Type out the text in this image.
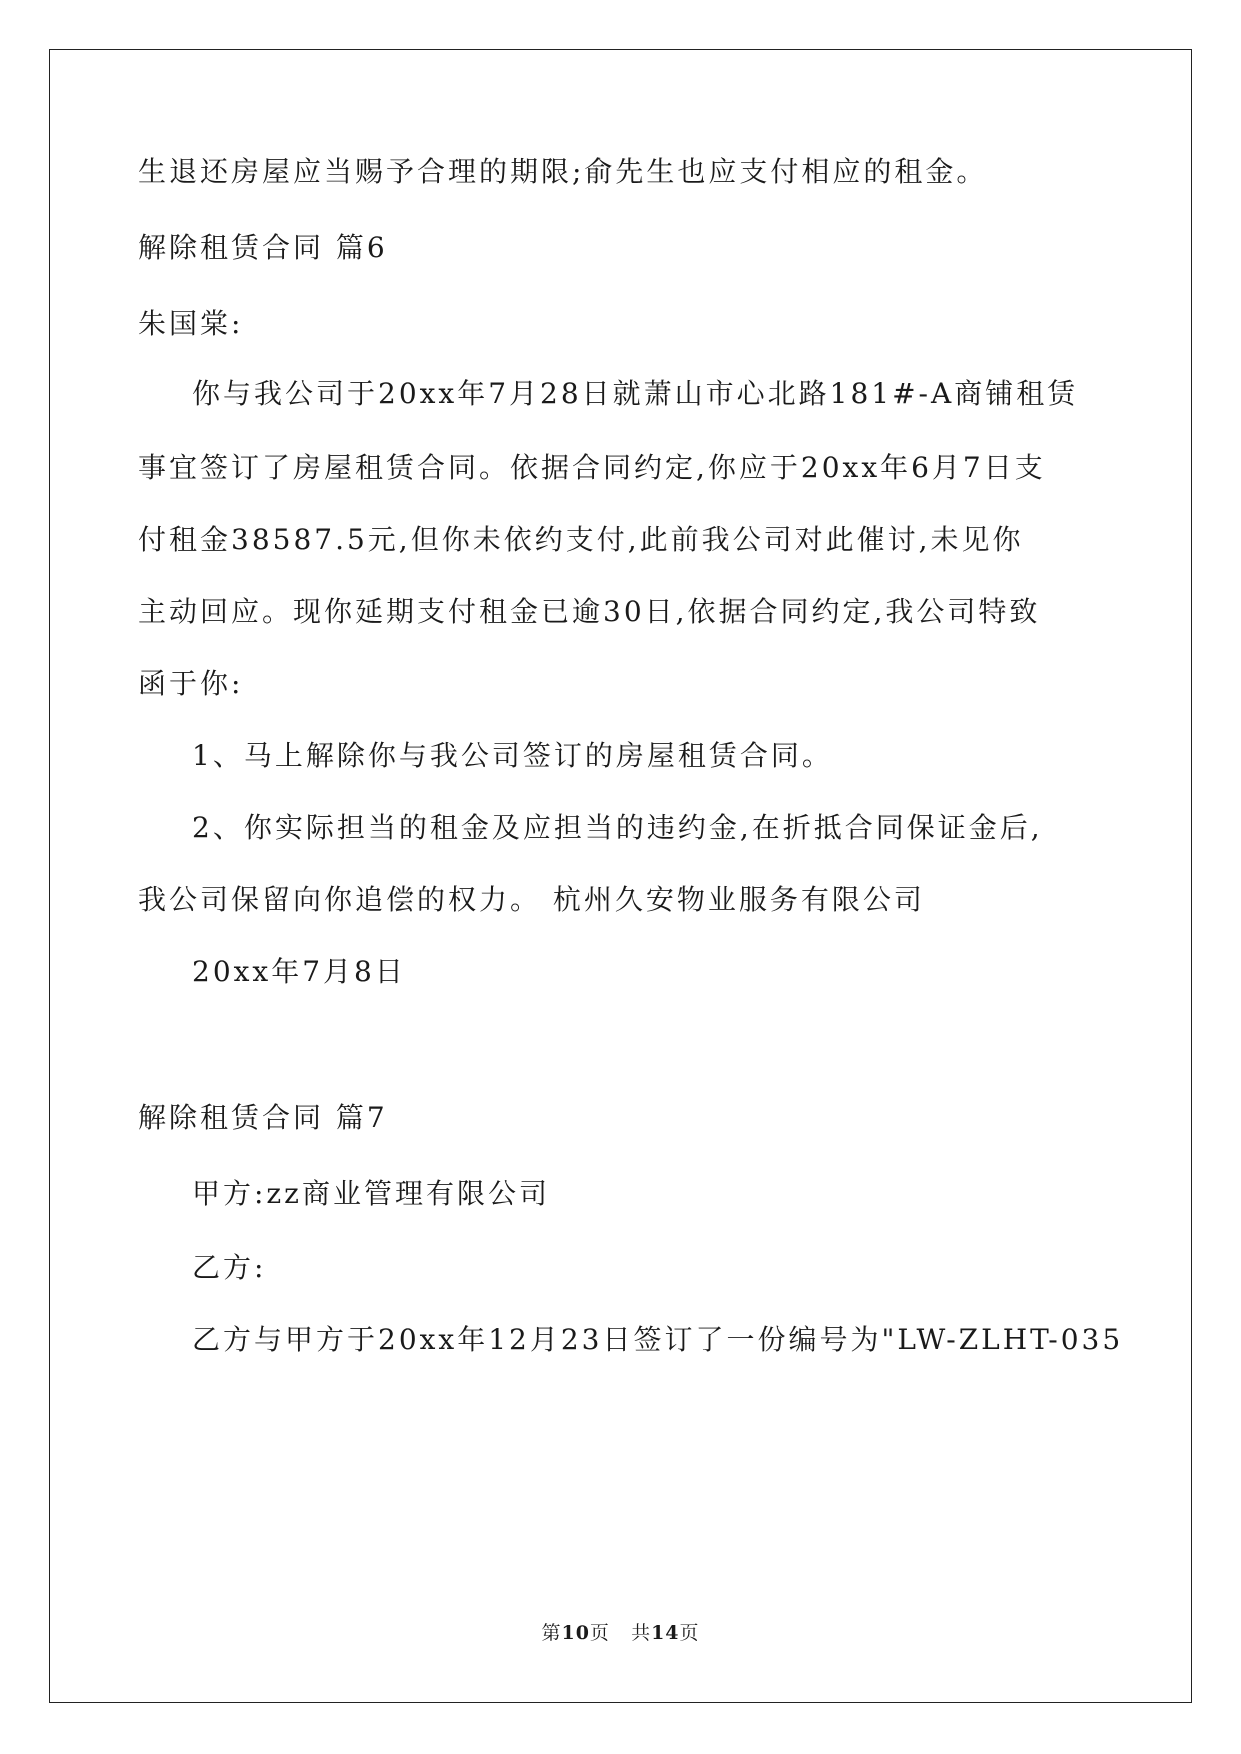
生退还房屋应当赐予合理的期限;俞先生也应支付相应的租金。
解除租赁合同 篇6
朱国棠:
你与我公司于20xx年7月28日就萧山市心北路181#-A商铺租赁
事宜签订了房屋租赁合同。依据合同约定,你应于20xx年6月7日支
付租金38587.5元,但你未依约支付,此前我公司对此催讨,未见你
主动回应。现你延期支付租金已逾30日,依据合同约定,我公司特致
函于你:
1、马上解除你与我公司签订的房屋租赁合同。
2、你实际担当的租金及应担当的违约金,在折抵合同保证金后,
我公司保留向你追偿的权力。 杭州久安物业服务有限公司
20xx年7月8日
解除租赁合同 篇7
甲方:zz商业管理有限公司
乙方:
乙方与甲方于20xx年12月23日签订了一份编号为"LW-ZLHT-035
第10页 共14页
